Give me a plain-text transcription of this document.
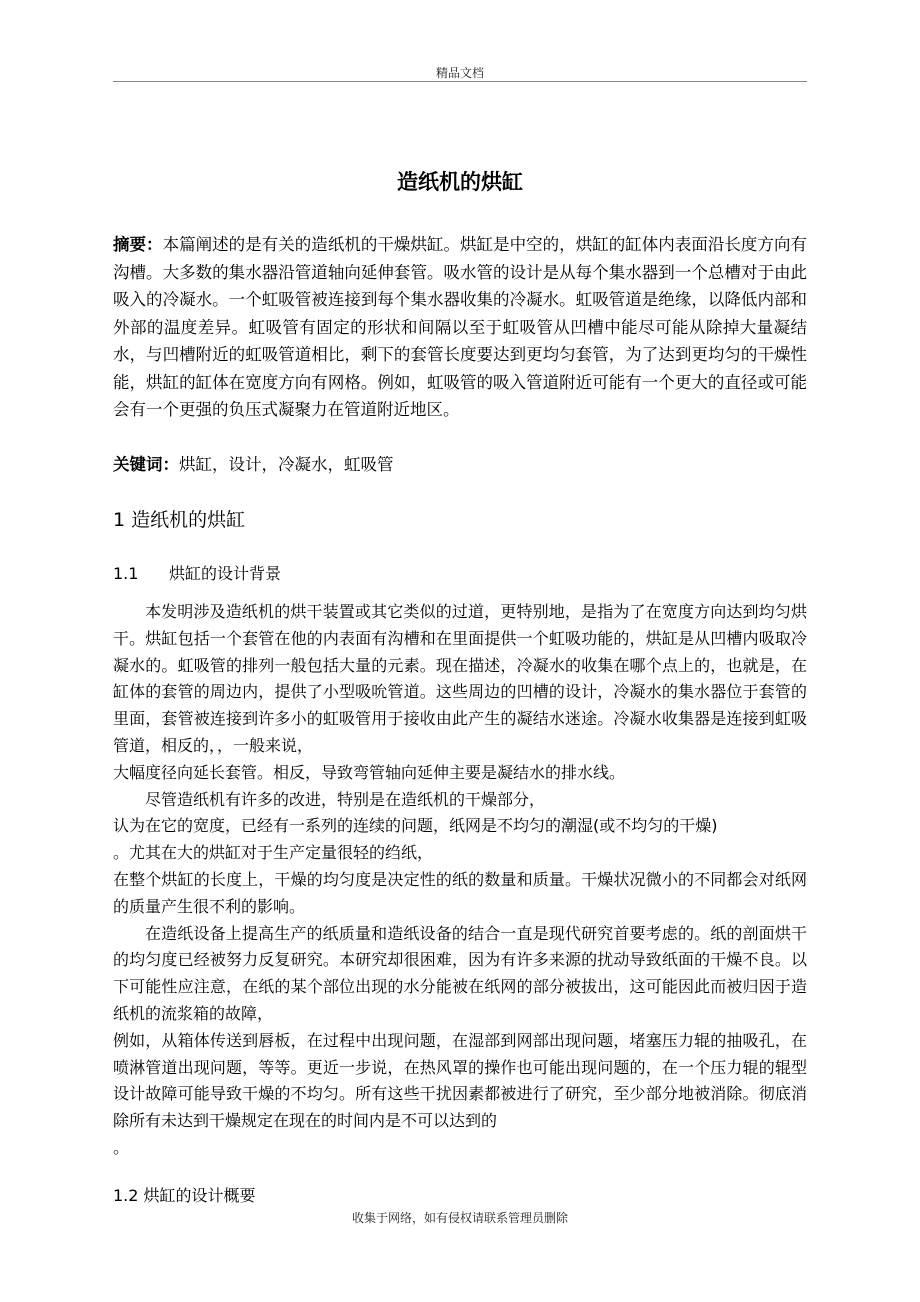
精品文档
造纸机的烘缸
摘要：本篇阐述的是有关的造纸机的干燥烘缸。烘缸是中空的，烘缸的缸体内表面沿长度方向有沟槽。大多数的集水器沿管道轴向延伸套管。吸水管的设计是从每个集水器到一个总槽对于由此吸入的冷凝水。一个虹吸管被连接到每个集水器收集的冷凝水。虹吸管道是绝缘，以降低内部和外部的温度差异。虹吸管有固定的形状和间隔以至于虹吸管从凹槽中能尽可能从除掉大量凝结水，与凹槽附近的虹吸管道相比，剩下的套管长度要达到更均匀套管，为了达到更均匀的干燥性能，烘缸的缸体在宽度方向有网格。例如，虹吸管的吸入管道附近可能有一个更大的直径或可能会有一个更强的负压式凝聚力在管道附近地区。
关键词：烘缸，设计，冷凝水，虹吸管
1 造纸机的烘缸
1.1 烘缸的设计背景

本发明涉及造纸机的烘干装置或其它类似的过道，更特别地，是指为了在宽度方向达到均匀烘干。烘缸包括一个套管在他的内表面有沟槽和在里面提供一个虹吸功能的，烘缸是从凹槽内吸取冷凝水的。虹吸管的排列一般包括大量的元素。现在描述，冷凝水的收集在哪个点上的，也就是，在缸体的套管的周边内，提供了小型吸吮管道。这些周边的凹槽的设计，冷凝水的集水器位于套管的里面，套管被连接到许多小的虹吸管用于接收由此产生的凝结水迷途。冷凝水收集器是连接到虹吸管道，相反的，，一般来说，

大幅度径向延长套管。相反，导致弯管轴向延伸主要是凝结水的排水线。

尽管造纸机有许多的改进，特别是在造纸机的干燥部分，

认为在它的宽度，已经有一系列的连续的问题，纸网是不均匀的潮湿(或不均匀的干燥)

。尤其在大的烘缸对于生产定量很轻的绉纸，

在整个烘缸的长度上，干燥的均匀度是决定性的纸的数量和质量。干燥状况微小的不同都会对纸网的质量产生很不利的影响。

在造纸设备上提高生产的纸质量和造纸设备的结合一直是现代研究首要考虑的。纸的剖面烘干的均匀度已经被努力反复研究。本研究却很困难，因为有许多来源的扰动导致纸面的干燥不良。以下可能性应注意，在纸的某个部位出现的水分能被在纸网的部分被拔出，这可能因此而被归因于造纸机的流浆箱的故障，

例如，从箱体传送到唇板，在过程中出现问题，在湿部到网部出现问题，堵塞压力辊的抽吸孔，在喷淋管道出现问题，等等。更近一步说，在热风罩的操作也可能出现问题的，在一个压力辊的辊型设计故障可能导致干燥的不均匀。所有这些干扰因素都被进行了研究，至少部分地被消除。彻底消除所有未达到干燥规定在现在的时间内是不可以达到的

。

1.2 烘缸的设计概要
收集于网络，如有侵权请联系管理员删除
